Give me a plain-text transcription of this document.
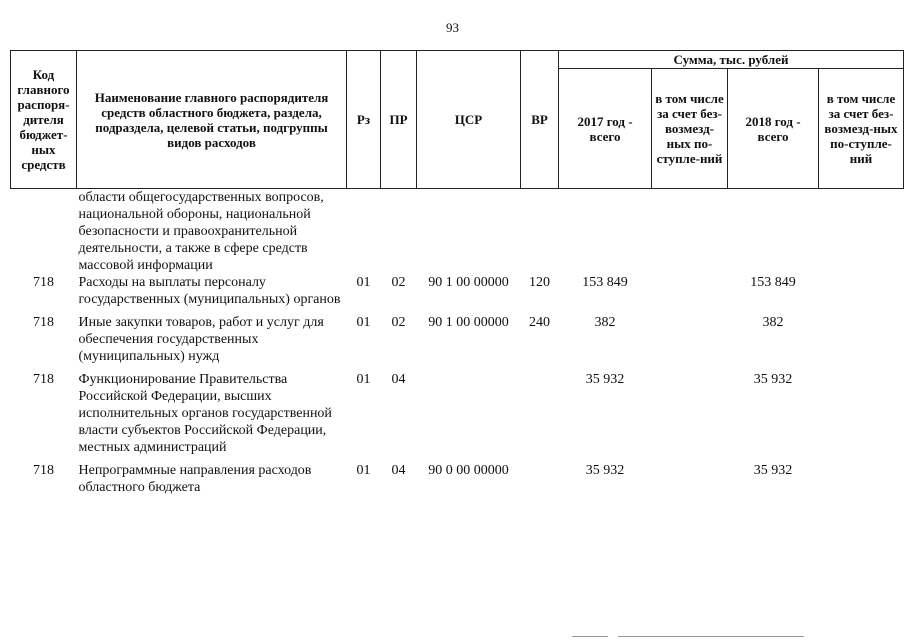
93
Код главного распоря-дителя бюджет-ных средств	Наименование главного распорядителя средств областного бюджета, раздела, подраздела, целевой статьи, подгруппы видов расходов	Рз	ПР	ЦСР	ВР	Сумма, тыс. рублей			
						2017 год - всего	в том числе за счет без-возмезд-ных по-ступле-ний	2018 год - всего	в том числе за счет без-возмезд-ных по-ступле-ний
	области общегосударственных вопросов, национальной обороны, национальной безопасности и правоохранительной деятельности, а также в сфере средств массовой информации								
718	Расходы на выплаты персоналу государственных (муниципальных) органов	01	02	90 1 00 00000	120	153 849		153 849	
718	Иные закупки товаров, работ и услуг для обеспечения государственных (муниципальных) нужд	01	02	90 1 00 00000	240	382		382	
718	Функционирование Правительства Российской Федерации, высших исполнительных органов государственной власти субъектов Российской Федерации, местных администраций	01	04			35 932		35 932	
718	Непрограммные направления расходов областного бюджета	01	04	90 0 00 00000		35 932		35 932	
